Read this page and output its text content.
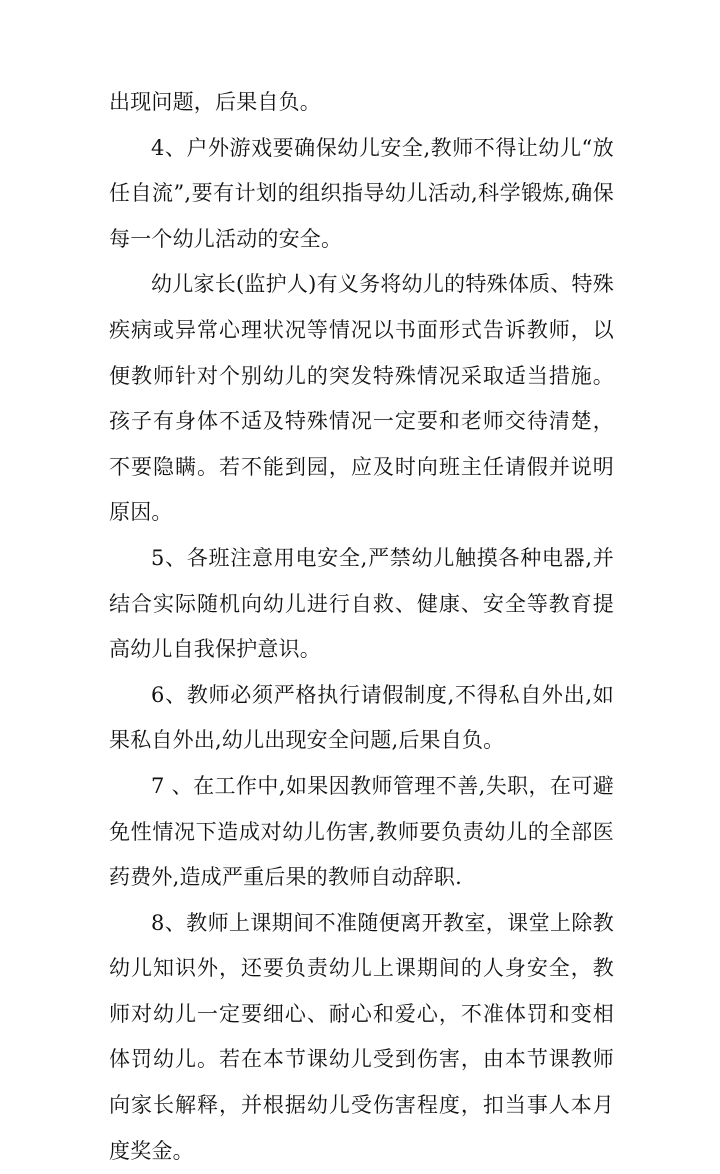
出现问题，后果自负。

4、户外游戏要确保幼儿安全,教师不得让幼儿“放任自流”,要有计划的组织指导幼儿活动,科学锻炼,确保每一个幼儿活动的安全。

幼儿家长(监护人)有义务将幼儿的特殊体质、特殊疾病或异常心理状况等情况以书面形式告诉教师，以便教师针对个别幼儿的突发特殊情况采取适当措施。孩子有身体不适及特殊情况一定要和老师交待清楚，不要隐瞒。若不能到园，应及时向班主任请假并说明原因。

5、各班注意用电安全,严禁幼儿触摸各种电器,并结合实际随机向幼儿进行自救、健康、安全等教育提高幼儿自我保护意识。

6、教师必须严格执行请假制度,不得私自外出,如果私自外出,幼儿出现安全问题,后果自负。

7 、在工作中,如果因教师管理不善,失职，在可避免性情况下造成对幼儿伤害,教师要负责幼儿的全部医药费外,造成严重后果的教师自动辞职.

8、教师上课期间不准随便离开教室，课堂上除教幼儿知识外，还要负责幼儿上课期间的人身安全，教师对幼儿一定要细心、耐心和爱心，不准体罚和变相体罚幼儿。若在本节课幼儿受到伤害，由本节课教师向家长解释，并根据幼儿受伤害程度，扣当事人本月度奖金。
